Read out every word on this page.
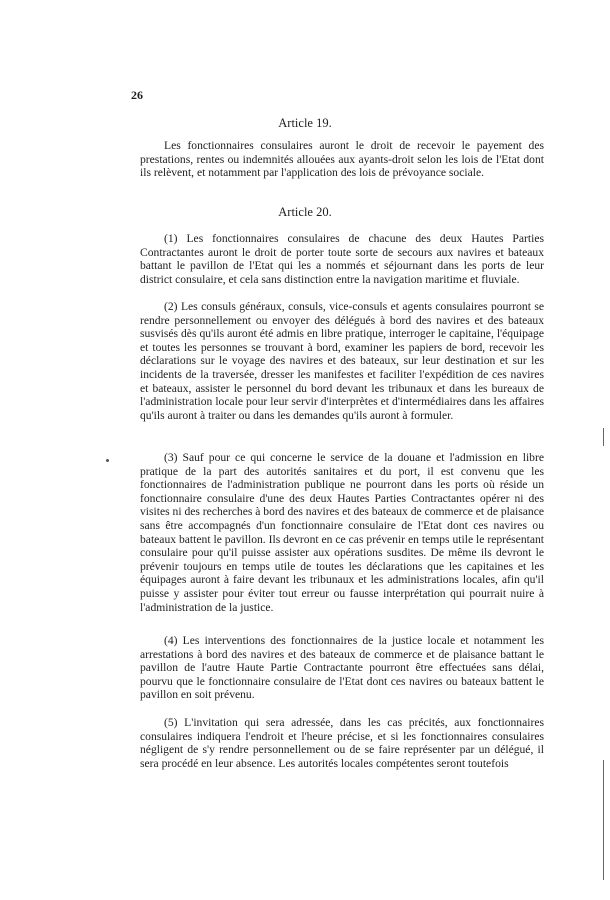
26
Article 19.

Les fonctionnaires consulaires auront le droit de recevoir le payement des prestations, rentes ou indemnités allouées aux ayants-droit selon les lois de l'Etat dont ils relèvent, et notamment par l'application des lois de prévoyance sociale.

Article 20.

(1) Les fonctionnaires consulaires de chacune des deux Hautes Parties Contractantes auront le droit de porter toute sorte de secours aux navires et bateaux battant le pavillon de l'Etat qui les a nommés et séjournant dans les ports de leur district consulaire, et cela sans distinction entre la navigation maritime et fluviale.

(2) Les consuls généraux, consuls, vice-consuls et agents consulaires pourront se rendre personnellement ou envoyer des délégués à bord des navires et des bateaux susvisés dès qu'ils auront été admis en libre pratique, interroger le capitaine, l'équipage et toutes les personnes se trouvant à bord, examiner les papiers de bord, recevoir les déclarations sur le voyage des navires et des bateaux, sur leur destination et sur les incidents de la traversée, dresser les manifestes et faciliter l'expédition de ces navires et bateaux, assister le personnel du bord devant les tribunaux et dans les bureaux de l'administration locale pour leur servir d'interprètes et d'intermédiaires dans les affaires qu'ils auront à traiter ou dans les demandes qu'ils auront à formuler.

(3) Sauf pour ce qui concerne le service de la douane et l'admission en libre pratique de la part des autorités sanitaires et du port, il est convenu que les fonctionnaires de l'administration publique ne pourront dans les ports où réside un fonctionnaire consulaire d'une des deux Hautes Parties Contractantes opérer ni des visites ni des recherches à bord des navires et des bateaux de commerce et de plaisance sans être accompagnés d'un fonctionnaire consulaire de l'Etat dont ces navires ou bateaux battent le pavillon. Ils devront en ce cas prévenir en temps utile le représentant consulaire pour qu'il puisse assister aux opérations susdites. De même ils devront le prévenir toujours en temps utile de toutes les déclarations que les capitaines et les équipages auront à faire devant les tribunaux et les administrations locales, afin qu'il puisse y assister pour éviter tout erreur ou fausse interprétation qui pourrait nuire à l'administration de la justice.

(4) Les interventions des fonctionnaires de la justice locale et notamment les arrestations à bord des navires et des bateaux de commerce et de plaisance battant le pavillon de l'autre Haute Partie Contractante pourront être effectuées sans délai, pourvu que le fonctionnaire consulaire de l'Etat dont ces navires ou bateaux battent le pavillon en soit prévenu.

(5) L'invitation qui sera adressée, dans les cas précités, aux fonctionnaires consulaires indiquera l'endroit et l'heure précise, et si les fonctionnaires consulaires négligent de s'y rendre personnellement ou de se faire représenter par un délégué, il sera procédé en leur absence. Les autorités locales compétentes seront toutefois
